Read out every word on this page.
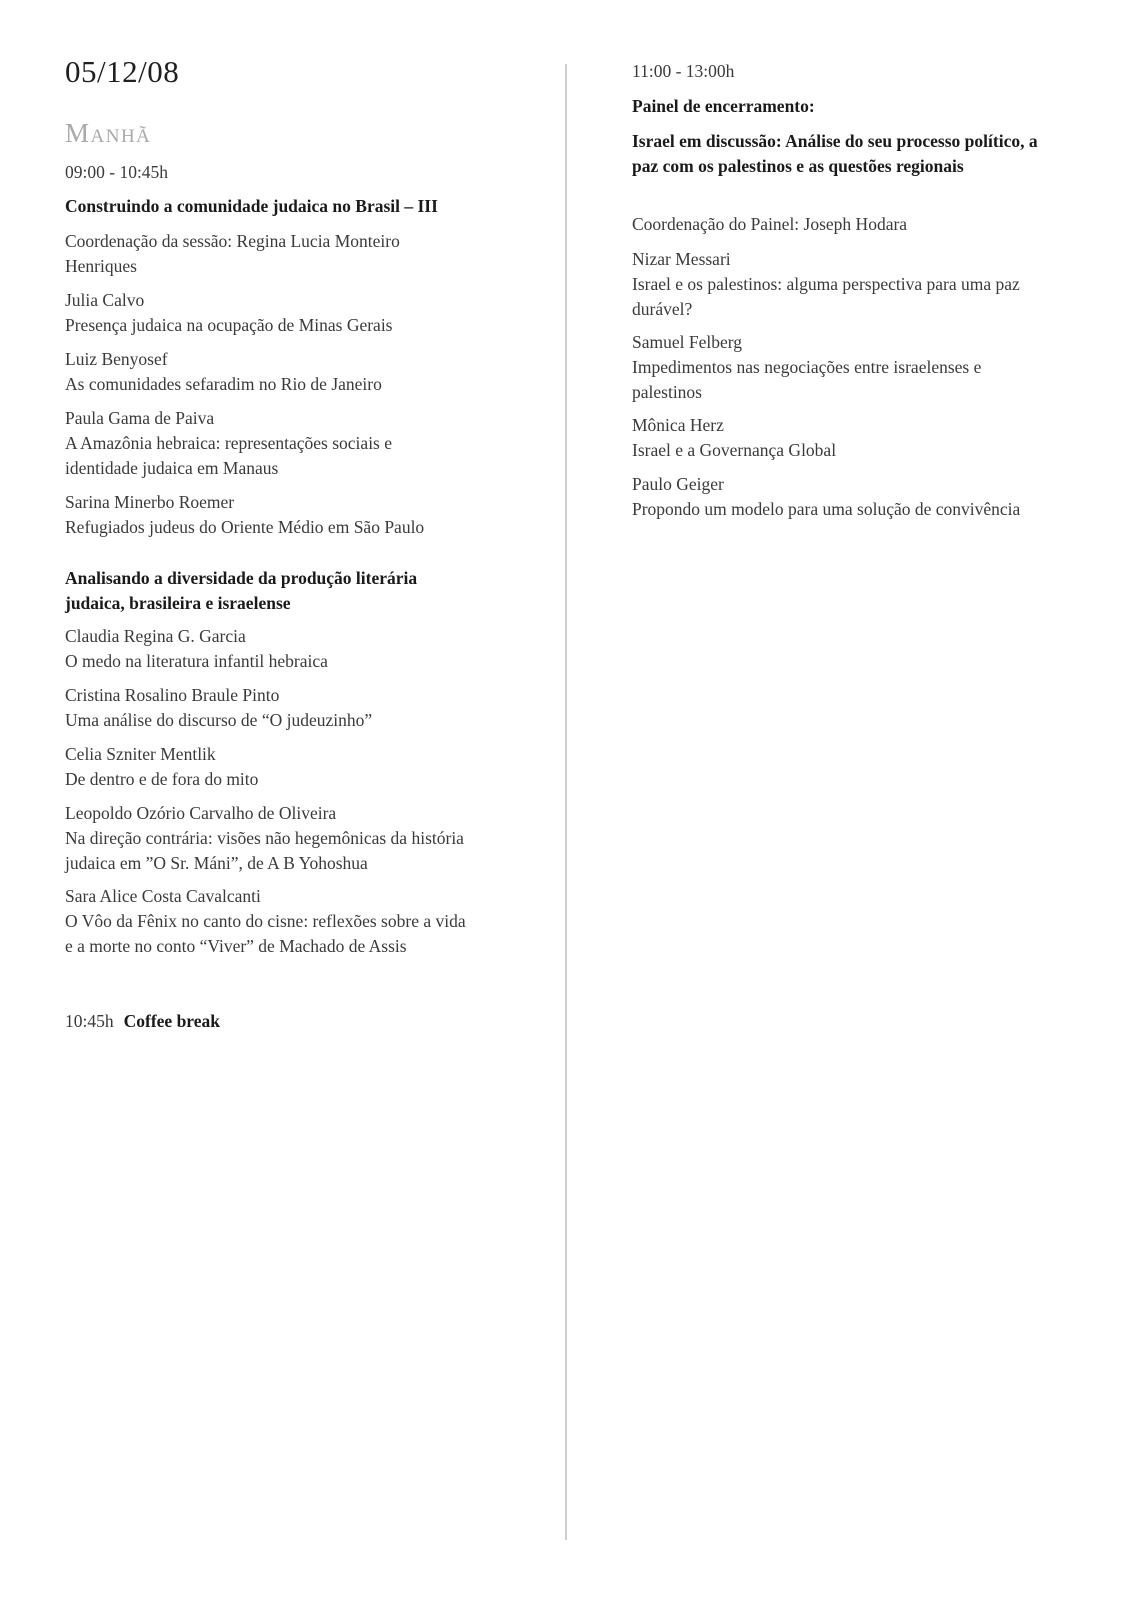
05/12/08
Manhã
09:00 - 10:45h
Construindo a comunidade judaica no Brasil – III
Coordenação da sessão: Regina Lucia Monteiro Henriques
Julia Calvo
Presença judaica na ocupação de Minas Gerais
Luiz Benyosef
As comunidades sefaradim no Rio de Janeiro
Paula Gama de Paiva
A Amazônia hebraica: representações sociais e identidade judaica em Manaus
Sarina Minerbo Roemer
Refugiados judeus do Oriente Médio em São Paulo
Analisando a diversidade da produção literária judaica, brasileira e israelense
Claudia Regina G. Garcia
O medo na literatura infantil hebraica
Cristina Rosalino Braule Pinto
Uma análise do discurso de “O judeuzinho”
Celia Szniter Mentlik
De dentro e de fora do mito
Leopoldo Ozório Carvalho de Oliveira
Na direção contrária: visões não hegemônicas da história judaica em ”O Sr. Máni”, de A B Yohoshua
Sara Alice Costa Cavalcanti
O Vôo da Fênix no canto do cisne: reflexões sobre a vida e a morte no conto “Viver” de Machado de Assis
10:45h Coffee break
11:00 - 13:00h
Painel de encerramento:
Israel em discussão: Análise do seu processo político, a paz com os palestinos e as questões regionais
Coordenação do Painel: Joseph Hodara
Nizar Messari
Israel e os palestinos: alguma perspectiva para uma paz durável?
Samuel Felberg
Impedimentos nas negociações entre israelenses e palestinos
Mônica Herz
Israel e a Governança Global
Paulo Geiger
Propondo um modelo para uma solução de convivência
